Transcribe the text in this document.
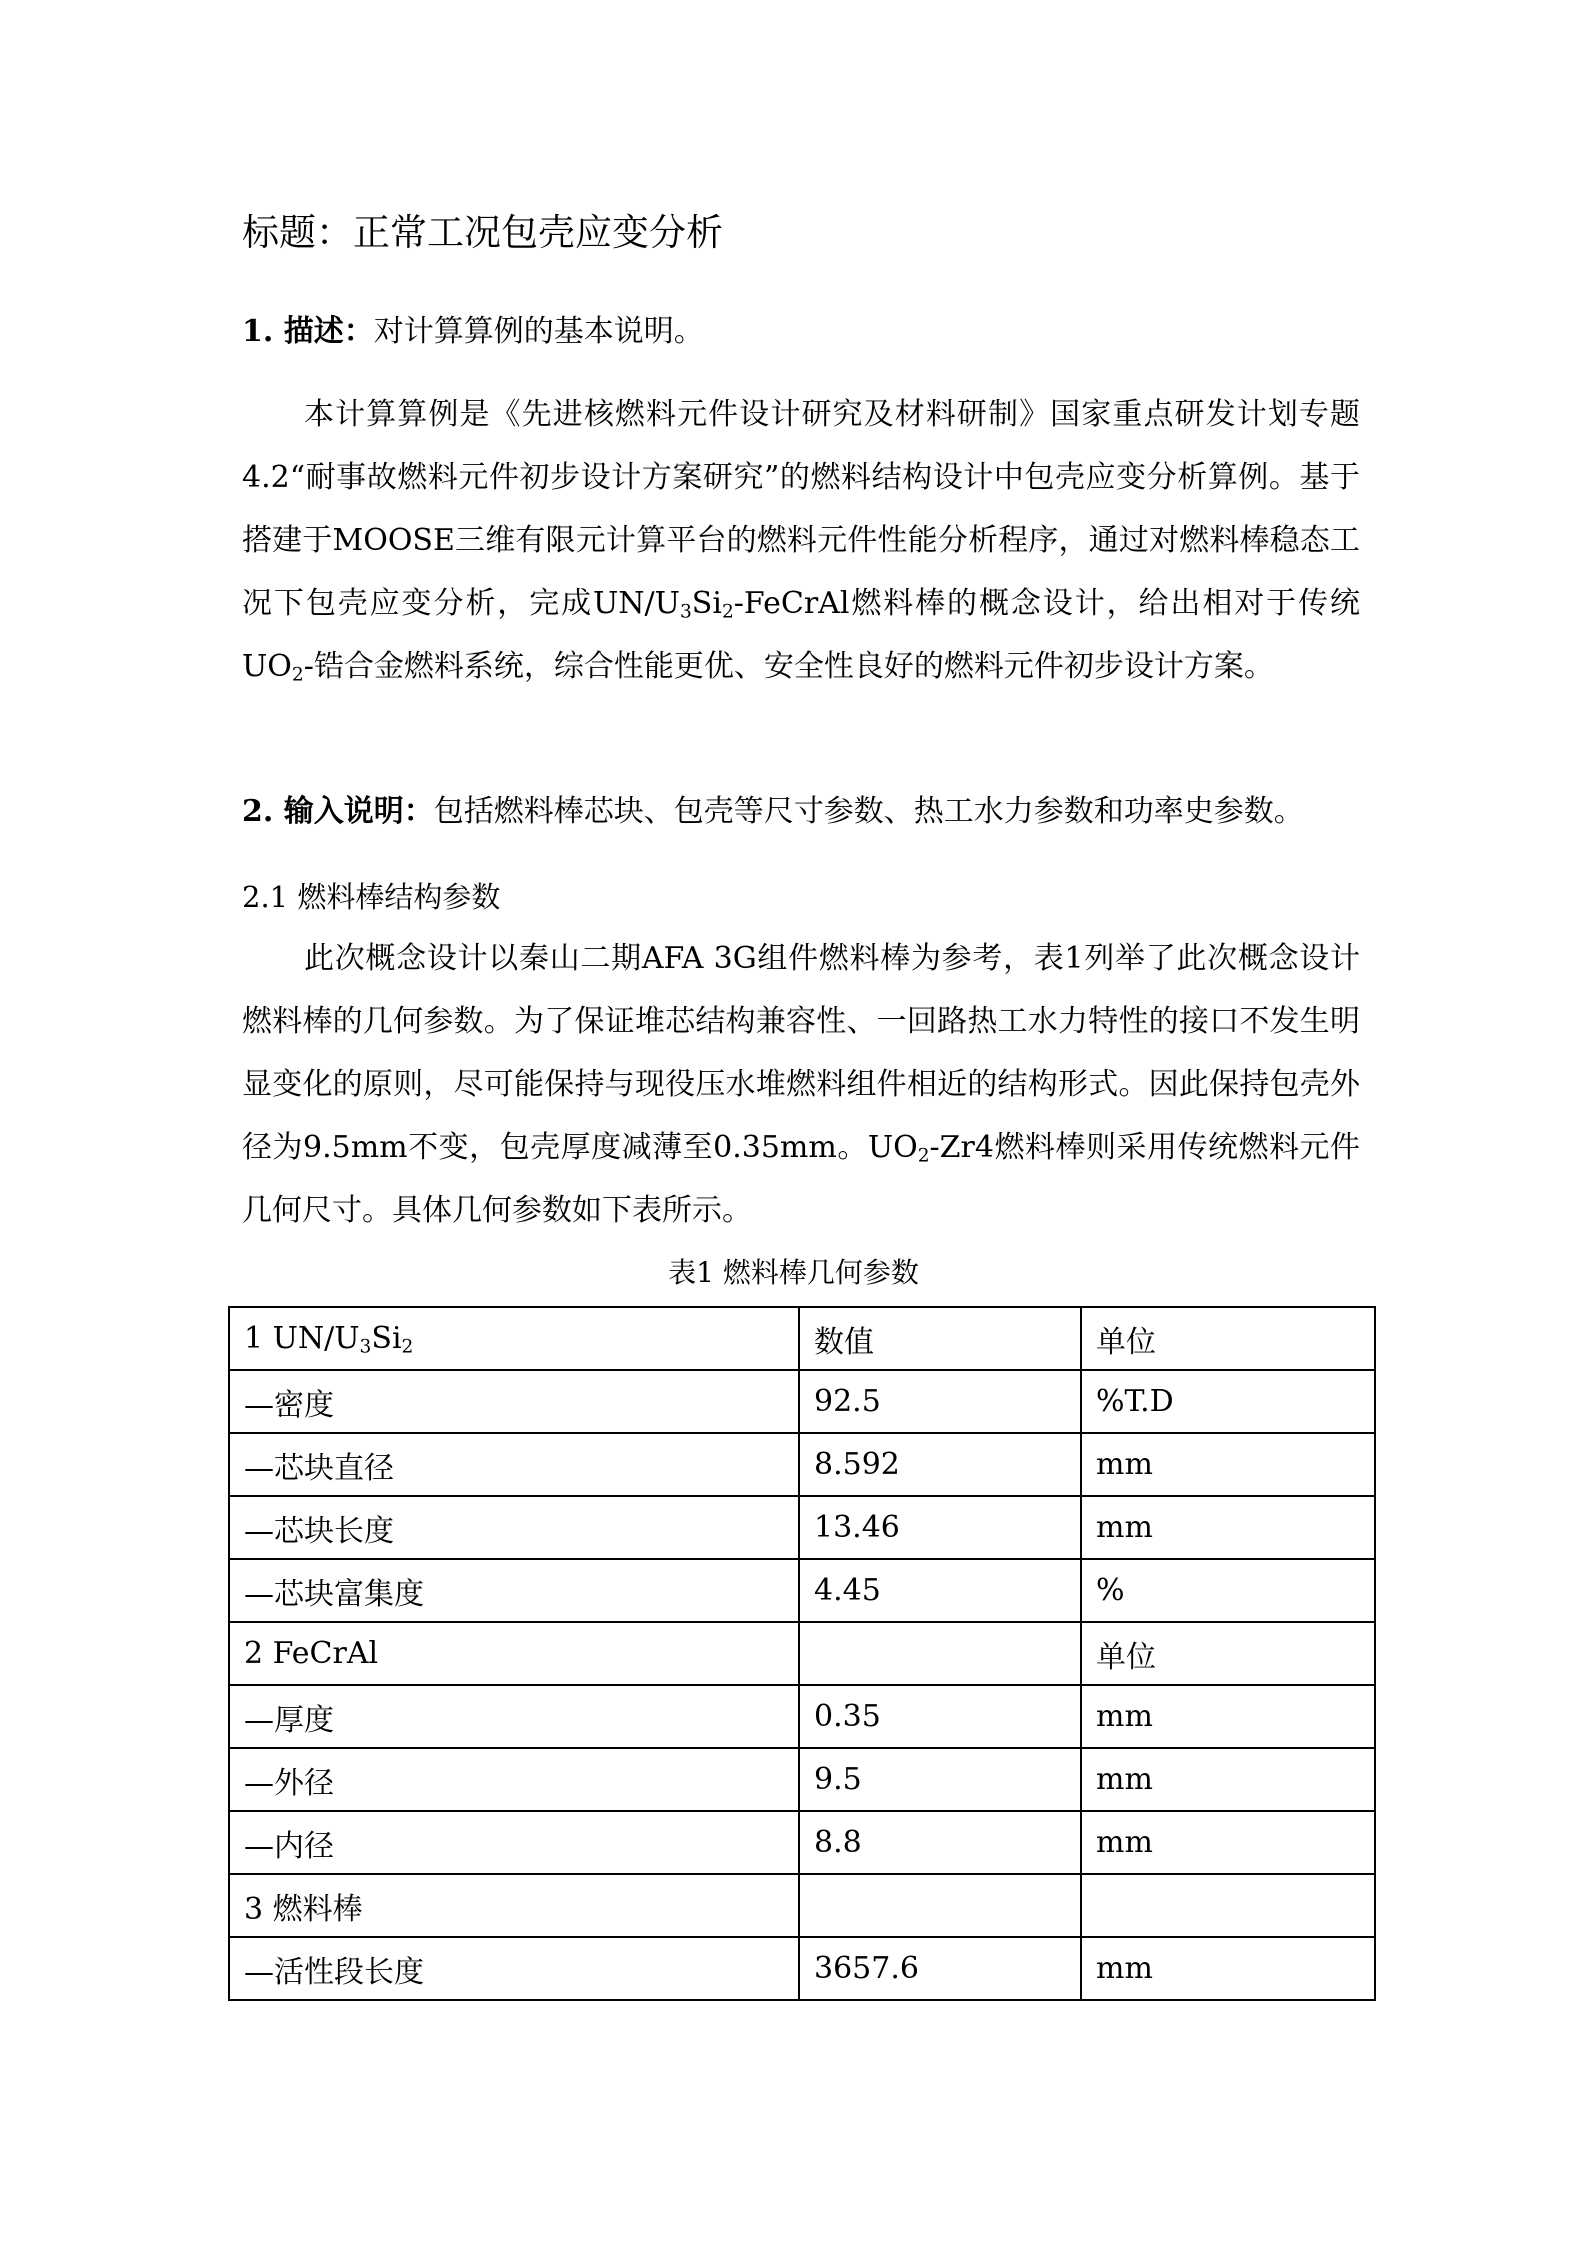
标题：正常工况包壳应变分析
1. 描述：对计算算例的基本说明。
本计算算例是《先进核燃料元件设计研究及材料研制》国家重点研发计划专题4.2“耐事故燃料元件初步设计方案研究”的燃料结构设计中包壳应变分析算例。基于搭建于MOOSE三维有限元计算平台的燃料元件性能分析程序，通过对燃料棒稳态工况下包壳应变分析，完成$UN/U_3Si_2$-FeCrAl燃料棒的概念设计，给出相对于传统$UO_2-$锆合金燃料系统，综合性能更优、安全性良好的燃料元件初步设计方案。
2. 输入说明：包括燃料棒芯块、包壳等尺寸参数、热工水力参数和功率史参数。
2.1 燃料棒结构参数
此次概念设计以秦山二期AFA 3G组件燃料棒为参考，表1列举了此次概念设计燃料棒的几何参数。为了保证堆芯结构兼容性、一回路热工水力特性的接口不发生明显变化的原则，尽可能保持与现役压水堆燃料组件相近的结构形式。因此保持包壳外径为9.5mm不变，包壳厚度减薄至0.35mm。$UO_2-Zr4$燃料棒则采用传统燃料元件几何尺寸。具体几何参数如下表所示。
表1 燃料棒几何参数
1 $UN/U_3Si_2$	数值	单位
—密度	92.5	%T.D
—芯块直径	8.592	mm
—芯块长度	13.46	mm
—芯块富集度	4.45	%
2 FeCrAl		单位
—厚度	0.35	mm
—外径	9.5	mm
—内径	8.8	mm
3 燃料棒		
—活性段长度	3657.6	mm
